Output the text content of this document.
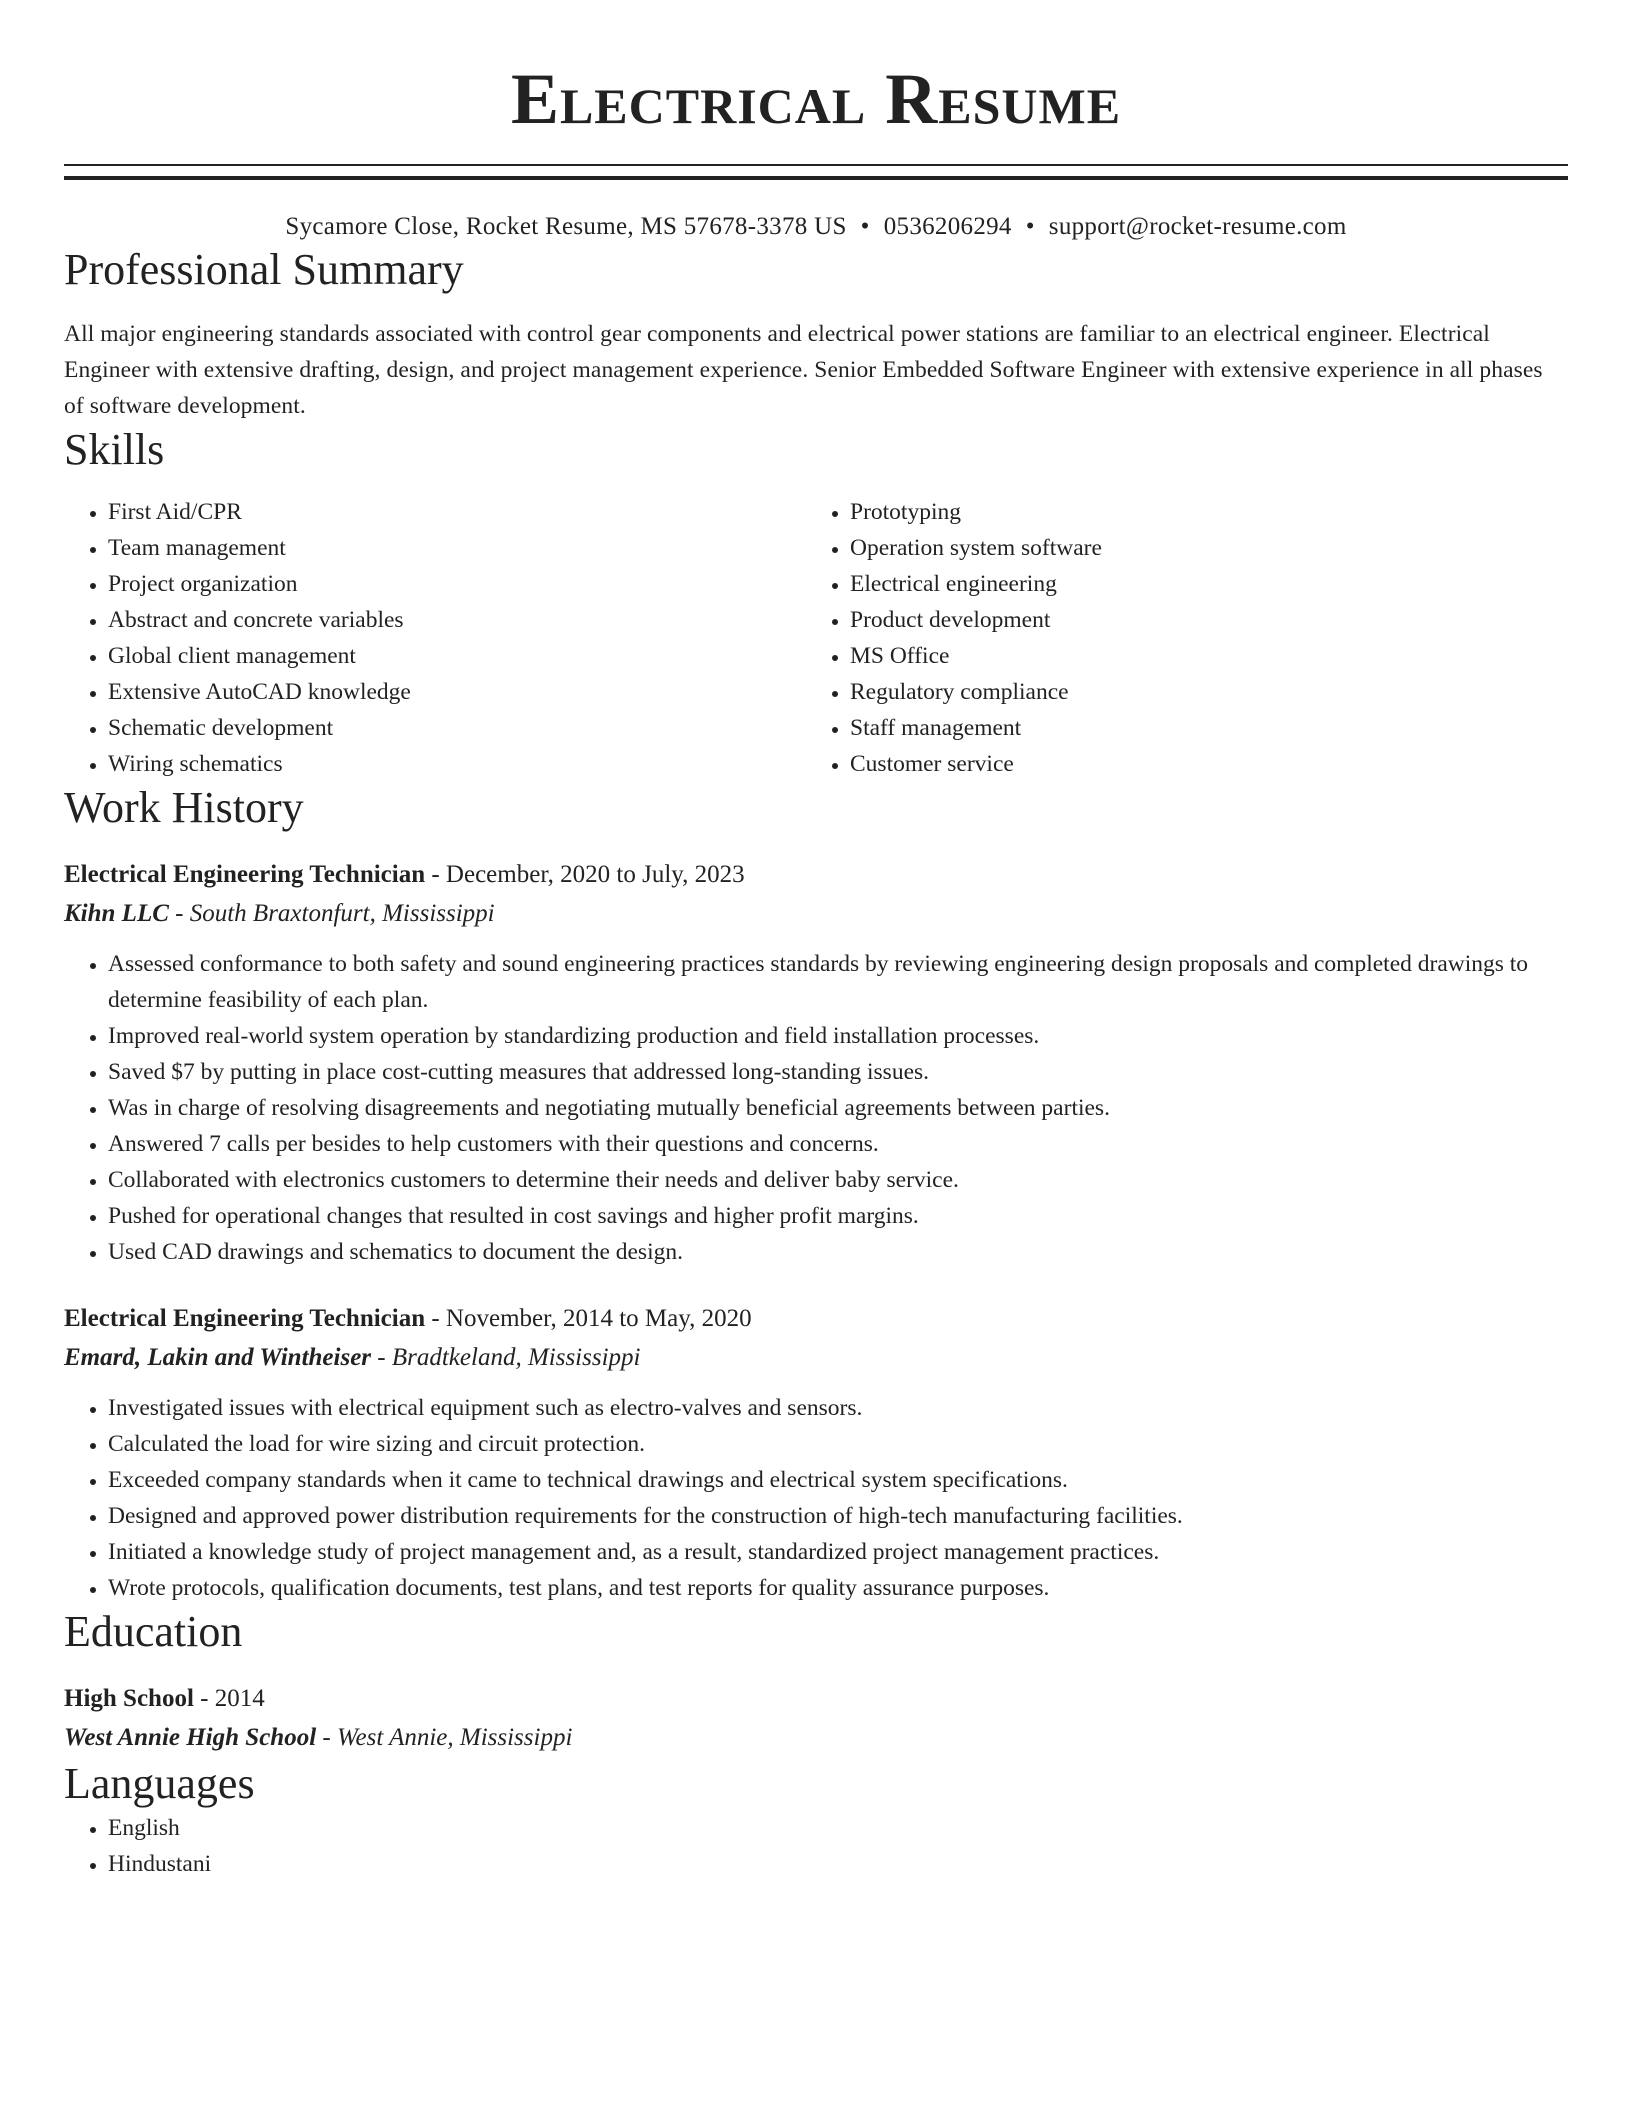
Electrical Resume
Sycamore Close, Rocket Resume, MS 57678-3378 US • 0536206294 • support@rocket-resume.com
Professional Summary

All major engineering standards associated with control gear components and electrical power stations are familiar to an electrical engineer. Electrical Engineer with extensive drafting, design, and project management experience. Senior Embedded Software Engineer with extensive experience in all phases of software development.

Skills
• First Aid/CPR
• Team management
• Project organization
• Abstract and concrete variables
• Global client management
• Extensive AutoCAD knowledge
• Schematic development
• Wiring schematics
• Prototyping
• Operation system software
• Electrical engineering
• Product development
• MS Office
• Regulatory compliance
• Staff management
• Customer service
Work History
Electrical Engineering Technician - December, 2020 to July, 2023
Kihn LLC - South Braxtonfurt, Mississippi
• Assessed conformance to both safety and sound engineering practices standards by reviewing engineering design proposals and completed drawings to determine feasibility of each plan.
• Improved real-world system operation by standardizing production and field installation processes.
• Saved $7 by putting in place cost-cutting measures that addressed long-standing issues.
• Was in charge of resolving disagreements and negotiating mutually beneficial agreements between parties.
• Answered 7 calls per besides to help customers with their questions and concerns.
• Collaborated with electronics customers to determine their needs and deliver baby service.
• Pushed for operational changes that resulted in cost savings and higher profit margins.
• Used CAD drawings and schematics to document the design.
Electrical Engineering Technician - November, 2014 to May, 2020
Emard, Lakin and Wintheiser - Bradtkeland, Mississippi
• Investigated issues with electrical equipment such as electro-valves and sensors.
• Calculated the load for wire sizing and circuit protection.
• Exceeded company standards when it came to technical drawings and electrical system specifications.
• Designed and approved power distribution requirements for the construction of high-tech manufacturing facilities.
• Initiated a knowledge study of project management and, as a result, standardized project management practices.
• Wrote protocols, qualification documents, test plans, and test reports for quality assurance purposes.
Education
High School - 2014
West Annie High School - West Annie, Mississippi
Languages
• English
• Hindustani
